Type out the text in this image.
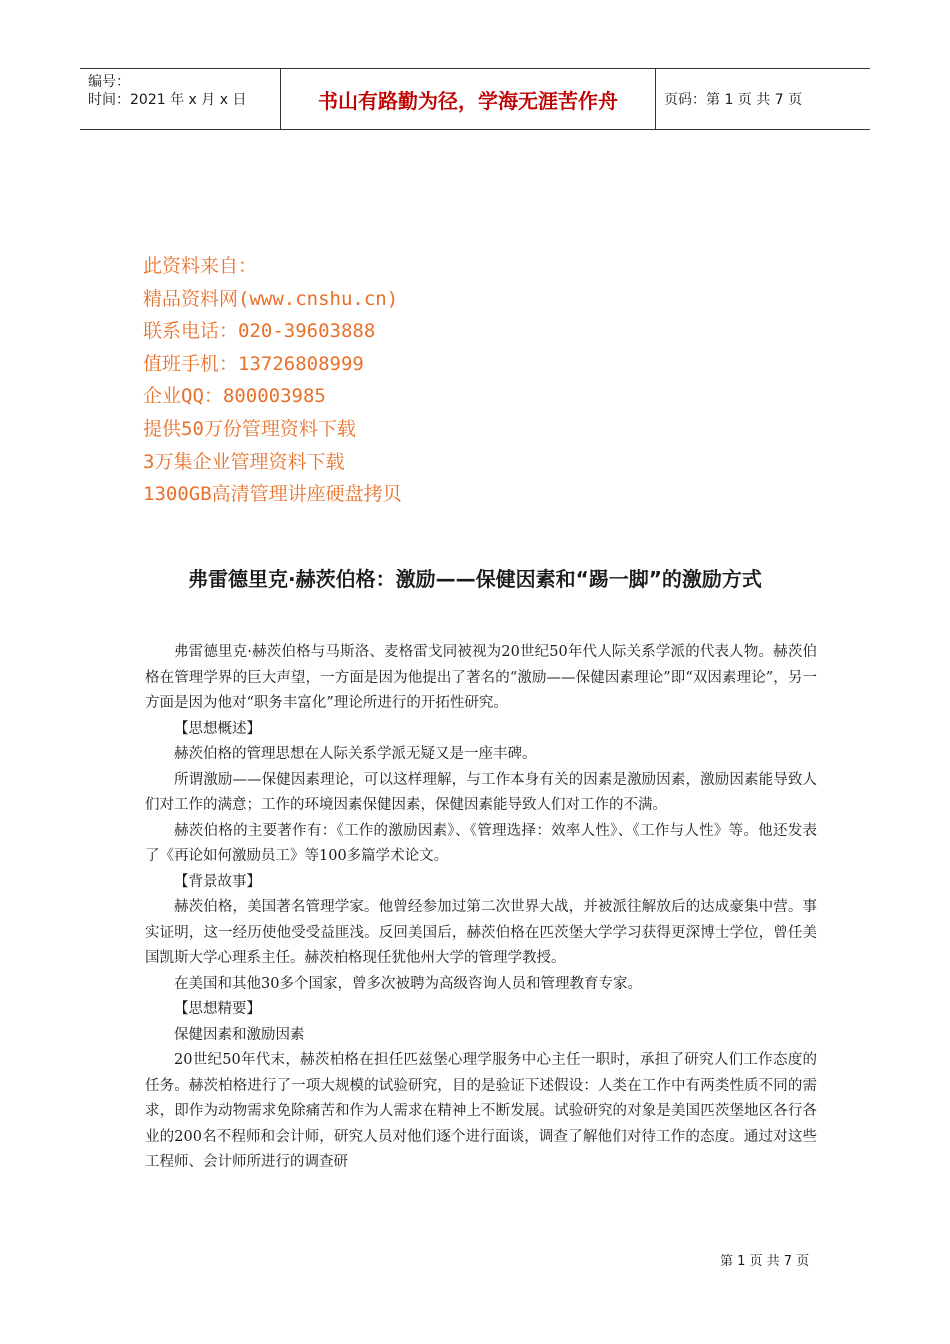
编号：
时间：2021 年 x 月 x 日	书山有路勤为径，学海无涯苦作舟	页码：第 1 页 共 7 页
此资料来自：
精品资料网(www.cnshu.cn)
联系电话：020-39603888
值班手机：13726808999
企业QQ：800003985
提供50万份管理资料下载
3万集企业管理资料下载
1300GB高清管理讲座硬盘拷贝
弗雷德里克·赫茨伯格：激励——保健因素和“踢一脚”的激励方式

弗雷德里克·赫茨伯格与马斯洛、麦格雷戈同被视为20世纪50年代人际关系学派的代表人物。赫茨伯格在管理学界的巨大声望，一方面是因为他提出了著名的“激励——保健因素理论”即“双因素理论”，另一方面是因为他对“职务丰富化”理论所进行的开拓性研究。

【思想概述】

赫茨伯格的管理思想在人际关系学派无疑又是一座丰碑。

所谓激励——保健因素理论，可以这样理解，与工作本身有关的因素是激励因素，激励因素能导致人们对工作的满意；工作的环境因素保健因素，保健因素能导致人们对工作的不满。

赫茨伯格的主要著作有：《工作的激励因素》、《管理选择：效率人性》、《工作与人性》等。他还发表了《再论如何激励员工》等100多篇学术论文。

【背景故事】

赫茨伯格，美国著名管理学家。他曾经参加过第二次世界大战，并被派往解放后的达成豪集中营。事实证明，这一经历使他受受益匪浅。反回美国后，赫茨伯格在匹茨堡大学学习获得更深博士学位，曾任美国凯斯大学心理系主任。赫茨柏格现任犹他州大学的管理学教授。

在美国和其他30多个国家，曾多次被聘为高级咨询人员和管理教育专家。

【思想精要】

保健因素和激励因素

20世纪50年代末，赫茨柏格在担任匹兹堡心理学服务中心主任一职时，承担了研究人们工作态度的任务。赫茨柏格进行了一项大规模的试验研究，目的是验证下述假设：人类在工作中有两类性质不同的需求，即作为动物需求免除痛苦和作为人需求在精神上不断发展。试验研究的对象是美国匹茨堡地区各行各业的200名不程师和会计师，研究人员对他们逐个进行面谈，调查了解他们对待工作的态度。通过对这些工程师、会计师所进行的调查研

第 1 页 共 7 页
